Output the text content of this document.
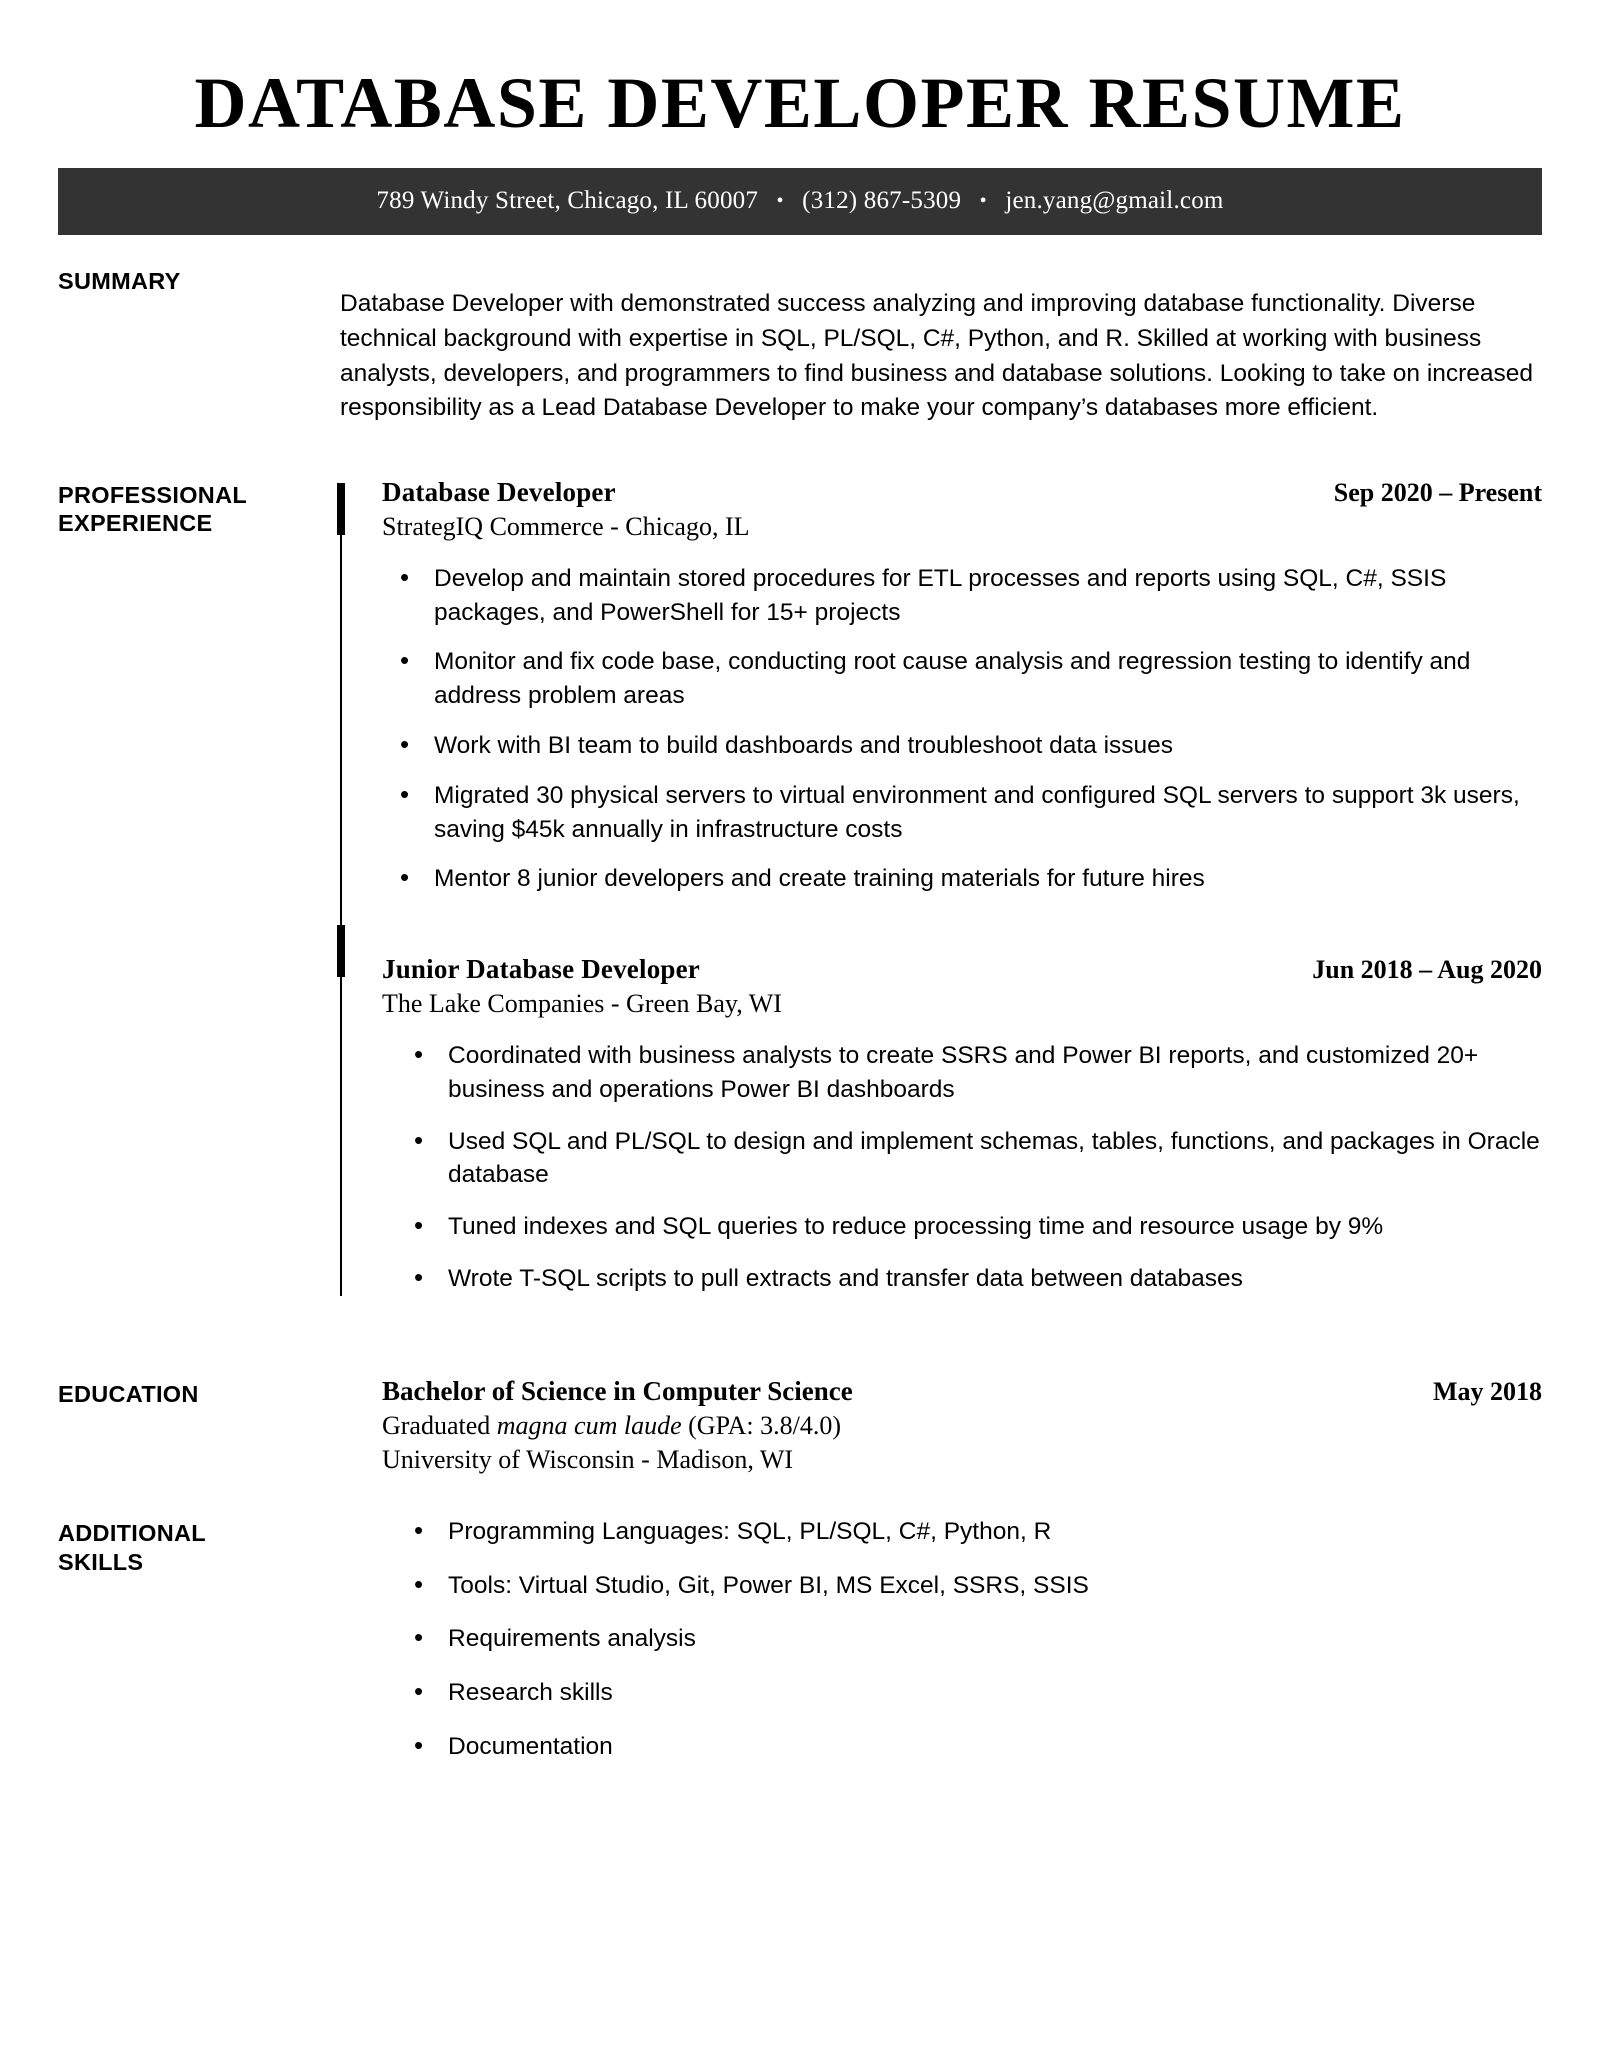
DATABASE DEVELOPER RESUME
789 Windy Street, Chicago, IL 60007 • (312) 867-5309 • jen.yang@gmail.com
SUMMARY

Database Developer with demonstrated success analyzing and improving database functionality. Diverse technical background with expertise in SQL, PL/SQL, C#, Python, and R. Skilled at working with business analysts, developers, and programmers to find business and database solutions. Looking to take on increased responsibility as a Lead Database Developer to make your company’s databases more efficient.

PROFESSIONAL
EXPERIENCE
Database Developer	Sep 2020 – Present
StrategIQ Commerce - Chicago, IL
• Develop and maintain stored procedures for ETL processes and reports using SQL, C#, SSIS packages, and PowerShell for 15+ projects
• Monitor and fix code base, conducting root cause analysis and regression testing to identify and address problem areas
• Work with BI team to build dashboards and troubleshoot data issues
• Migrated 30 physical servers to virtual environment and configured SQL servers to support 3k users, saving $45k annually in infrastructure costs
• Mentor 8 junior developers and create training materials for future hires
Junior Database Developer	Jun 2018 – Aug 2020
The Lake Companies - Green Bay, WI
• Coordinated with business analysts to create SSRS and Power BI reports, and customized 20+ business and operations Power BI dashboards
• Used SQL and PL/SQL to design and implement schemas, tables, functions, and packages in Oracle database
• Tuned indexes and SQL queries to reduce processing time and resource usage by 9%
• Wrote T-SQL scripts to pull extracts and transfer data between databases
EDUCATION	Bachelor of Science in Computer Science	May 2018
Graduated magna cum laude (GPA: 3.8/4.0)
University of Wisconsin - Madison, WI
ADDITIONAL
SKILLS
• Programming Languages: SQL, PL/SQL, C#, Python, R
• Tools: Virtual Studio, Git, Power BI, MS Excel, SSRS, SSIS
• Requirements analysis
• Research skills
• Documentation
